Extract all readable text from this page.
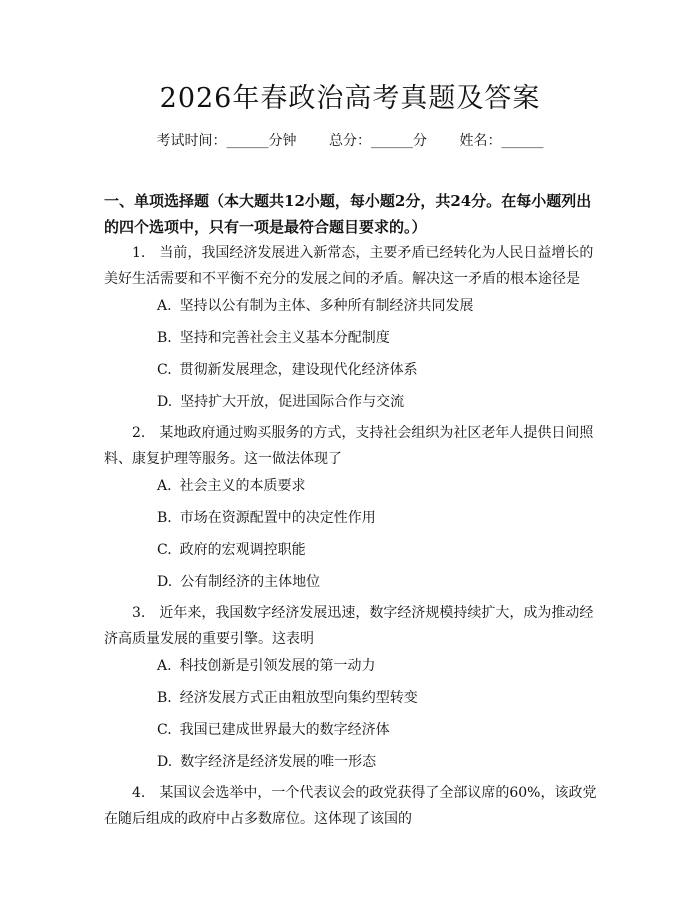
2026年春政治高考真题及答案
考试时间：______分钟 总分：______分 姓名：______

一、单项选择题（本大题共12小题，每小题2分，共24分。在每小题列出的四个选项中，只有一项是最符合题目要求的。）

1.　当前，我国经济发展进入新常态，主要矛盾已经转化为人民日益增长的美好生活需要和不平衡不充分的发展之间的矛盾。解决这一矛盾的根本途径是

A. 坚持以公有制为主体、多种所有制经济共同发展
B. 坚持和完善社会主义基本分配制度
C. 贯彻新发展理念，建设现代化经济体系
D. 坚持扩大开放，促进国际合作与交流

2.　某地政府通过购买服务的方式，支持社会组织为社区老年人提供日间照料、康复护理等服务。这一做法体现了

A. 社会主义的本质要求
B. 市场在资源配置中的决定性作用
C. 政府的宏观调控职能
D. 公有制经济的主体地位

3.　近年来，我国数字经济发展迅速，数字经济规模持续扩大，成为推动经济高质量发展的重要引擎。这表明

A. 科技创新是引领发展的第一动力
B. 经济发展方式正由粗放型向集约型转变
C. 我国已建成世界最大的数字经济体
D. 数字经济是经济发展的唯一形态

4.　某国议会选举中，一个代表议会的政党获得了全部议席的60%，该政党在随后组成的政府中占多数席位。这体现了该国的
